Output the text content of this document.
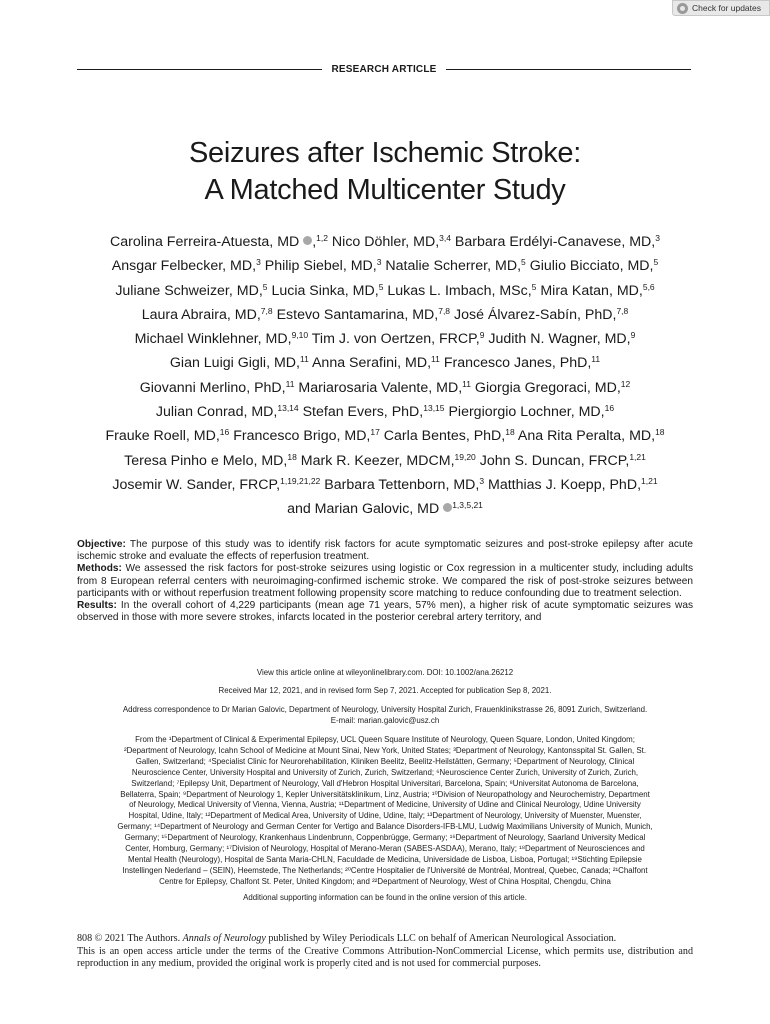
Check for updates
RESEARCH ARTICLE
Seizures after Ischemic Stroke:
A Matched Multicenter Study
Carolina Ferreira-Atuesta, MD ,$^{1,2}$ Nico Döhler, MD,$^{3,4}$ Barbara Erdélyi-Canavese, MD,$^3$
Ansgar Felbecker, MD,$^3$ Philip Siebel, MD,$^3$ Natalie Scherrer, MD,$^5$ Giulio Bicciato, MD,$^5$
Juliane Schweizer, MD,$^5$ Lucia Sinka, MD,$^5$ Lukas L. Imbach, MSc,$^5$ Mira Katan, MD,$^{5,6}$
Laura Abraira, MD,$^{7,8}$ Estevo Santamarina, MD,$^{7,8}$ José Álvarez-Sabín, PhD,$^{7,8}$
Michael Winklehner, MD,$^{9,10}$ Tim J. von Oertzen, FRCP,$^9$ Judith N. Wagner, MD,$^9$
Gian Luigi Gigli, MD,$^{11}$ Anna Serafini, MD,$^{11}$ Francesco Janes, PhD,$^{11}$
Giovanni Merlino, PhD,$^{11}$ Mariarosaria Valente, MD,$^{11}$ Giorgia Gregoraci, MD,$^{12}$
Julian Conrad, MD,$^{13,14}$ Stefan Evers, PhD,$^{13,15}$ Piergiorgio Lochner, MD,$^{16}$
Frauke Roell, MD,$^{16}$ Francesco Brigo, MD,$^{17}$ Carla Bentes, PhD,$^{18}$ Ana Rita Peralta, MD,$^{18}$
Teresa Pinho e Melo, MD,$^{18}$ Mark R. Keezer, MDCM,$^{19,20}$ John S. Duncan, FRCP,$^{1,21}$
Josemir W. Sander, FRCP,$^{1,19,21,22}$ Barbara Tettenborn, MD,$^3$ Matthias J. Koepp, PhD,$^{1,21}$
and Marian Galovic, MD $^{1,3,5,21}$

Objective: The purpose of this study was to identify risk factors for acute symptomatic seizures and post-stroke epilepsy after acute ischemic stroke and evaluate the effects of reperfusion treatment.

Methods: We assessed the risk factors for post-stroke seizures using logistic or Cox regression in a multicenter study, including adults from 8 European referral centers with neuroimaging-confirmed ischemic stroke. We compared the risk of post-stroke seizures between participants with or without reperfusion treatment following propensity score matching to reduce confounding due to treatment selection.

Results: In the overall cohort of 4,229 participants (mean age 71 years, 57% men), a higher risk of acute symptomatic seizures was observed in those with more severe strokes, infarcts located in the posterior cerebral artery territory, and

View this article online at wileyonlinelibrary.com. DOI: 10.1002/ana.26212
Received Mar 12, 2021, and in revised form Sep 7, 2021. Accepted for publication Sep 8, 2021.
Address correspondence to Dr Marian Galovic, Department of Neurology, University Hospital Zurich, Frauenklinikstrasse 26, 8091 Zurich, Switzerland.
E-mail: marian.galovic@usz.ch
From the ¹Department of Clinical & Experimental Epilepsy, UCL Queen Square Institute of Neurology, Queen Square, London, United Kingdom;
²Department of Neurology, Icahn School of Medicine at Mount Sinai, New York, United States; ³Department of Neurology, Kantonsspital St. Gallen, St.
Gallen, Switzerland; ⁴Specialist Clinic for Neurorehabilitation, Kliniken Beelitz, Beelitz-Heilstätten, Germany; ⁵Department of Neurology, Clinical
Neuroscience Center, University Hospital and University of Zurich, Zurich, Switzerland; ⁶Neuroscience Center Zurich, University of Zurich, Zurich,
Switzerland; ⁷Epilepsy Unit, Department of Neurology, Vall d'Hebron Hospital Universitari, Barcelona, Spain; ⁸Universitat Autonoma de Barcelona,
Bellaterra, Spain; ⁹Department of Neurology 1, Kepler Universitätsklinikum, Linz, Austria; ¹⁰Division of Neuropathology and Neurochemistry, Department
of Neurology, Medical University of Vienna, Vienna, Austria; ¹¹Department of Medicine, University of Udine and Clinical Neurology, Udine University
Hospital, Udine, Italy; ¹²Department of Medical Area, University of Udine, Udine, Italy; ¹³Department of Neurology, University of Muenster, Muenster,
Germany; ¹⁴Department of Neurology and German Center for Vertigo and Balance Disorders-IFB-LMU, Ludwig Maximilians University of Munich, Munich,
Germany; ¹⁵Department of Neurology, Krankenhaus Lindenbrunn, Coppenbrügge, Germany; ¹⁶Department of Neurology, Saarland University Medical
Center, Homburg, Germany; ¹⁷Division of Neurology, Hospital of Merano-Meran (SABES-ASDAA), Merano, Italy; ¹⁸Department of Neurosciences and
Mental Health (Neurology), Hospital de Santa Maria-CHLN, Faculdade de Medicina, Universidade de Lisboa, Lisboa, Portugal; ¹⁹Stichting Epilepsie
Instellingen Nederland – (SEIN), Heemstede, The Netherlands; ²⁰Centre Hospitalier de l'Université de Montréal, Montreal, Quebec, Canada; ²¹Chalfont
Centre for Epilepsy, Chalfont St. Peter, United Kingdom; and ²²Department of Neurology, West of China Hospital, Chengdu, China
Additional supporting information can be found in the online version of this article.

808 © 2021 The Authors. Annals of Neurology published by Wiley Periodicals LLC on behalf of American Neurological Association.

This is an open access article under the terms of the Creative Commons Attribution-NonCommercial License, which permits use, distribution and reproduction in any medium, provided the original work is properly cited and is not used for commercial purposes.
